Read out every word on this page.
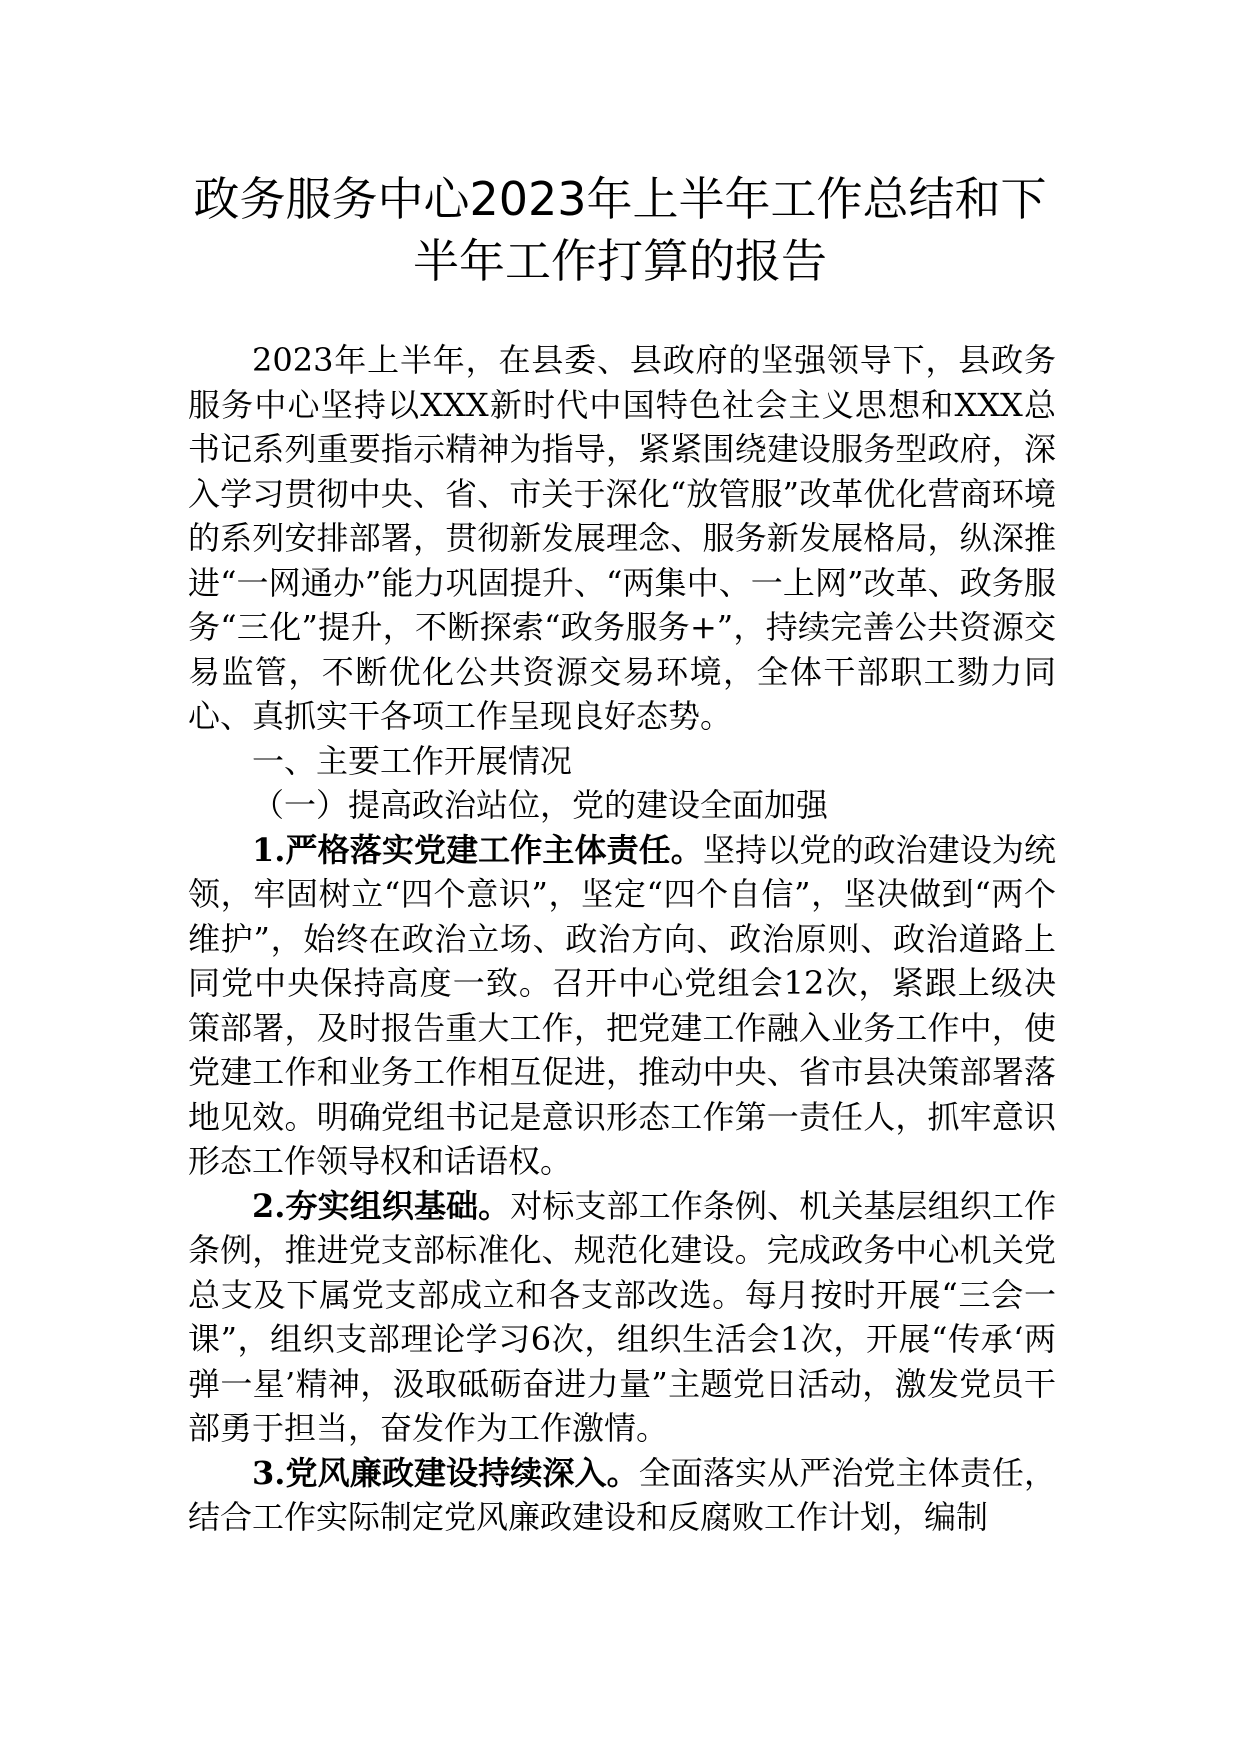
政务服务中心2023年上半年工作总结和下
半年工作打算的报告

2023年上半年，在县委、县政府的坚强领导下，县政务服务中心坚持以XXX新时代中国特色社会主义思想和XXX总书记系列重要指示精神为指导，紧紧围绕建设服务型政府，深入学习贯彻中央、省、市关于深化“放管服”改革优化营商环境的系列安排部署，贯彻新发展理念、服务新发展格局，纵深推进“一网通办”能力巩固提升、“两集中、一上网”改革、政务服务“三化”提升，不断探索“政务服务+”，持续完善公共资源交易监管，不断优化公共资源交易环境，全体干部职工勠力同心、真抓实干各项工作呈现良好态势。

一、主要工作开展情况

（一）提高政治站位，党的建设全面加强

1.严格落实党建工作主体责任。坚持以党的政治建设为统领，牢固树立“四个意识”，坚定“四个自信”，坚决做到“两个维护”，始终在政治立场、政治方向、政治原则、政治道路上同党中央保持高度一致。召开中心党组会12次，紧跟上级决策部署，及时报告重大工作，把党建工作融入业务工作中，使党建工作和业务工作相互促进，推动中央、省市县决策部署落地见效。明确党组书记是意识形态工作第一责任人，抓牢意识形态工作领导权和话语权。

2.夯实组织基础。对标支部工作条例、机关基层组织工作条例，推进党支部标准化、规范化建设。完成政务中心机关党总支及下属党支部成立和各支部改选。每月按时开展“三会一课”，组织支部理论学习6次，组织生活会1次，开展“传承‘两弹一星’精神，汲取砥砺奋进力量”主题党日活动，激发党员干部勇于担当，奋发作为工作激情。

3.党风廉政建设持续深入。全面落实从严治党主体责任，结合工作实际制定党风廉政建设和反腐败工作计划，编制
